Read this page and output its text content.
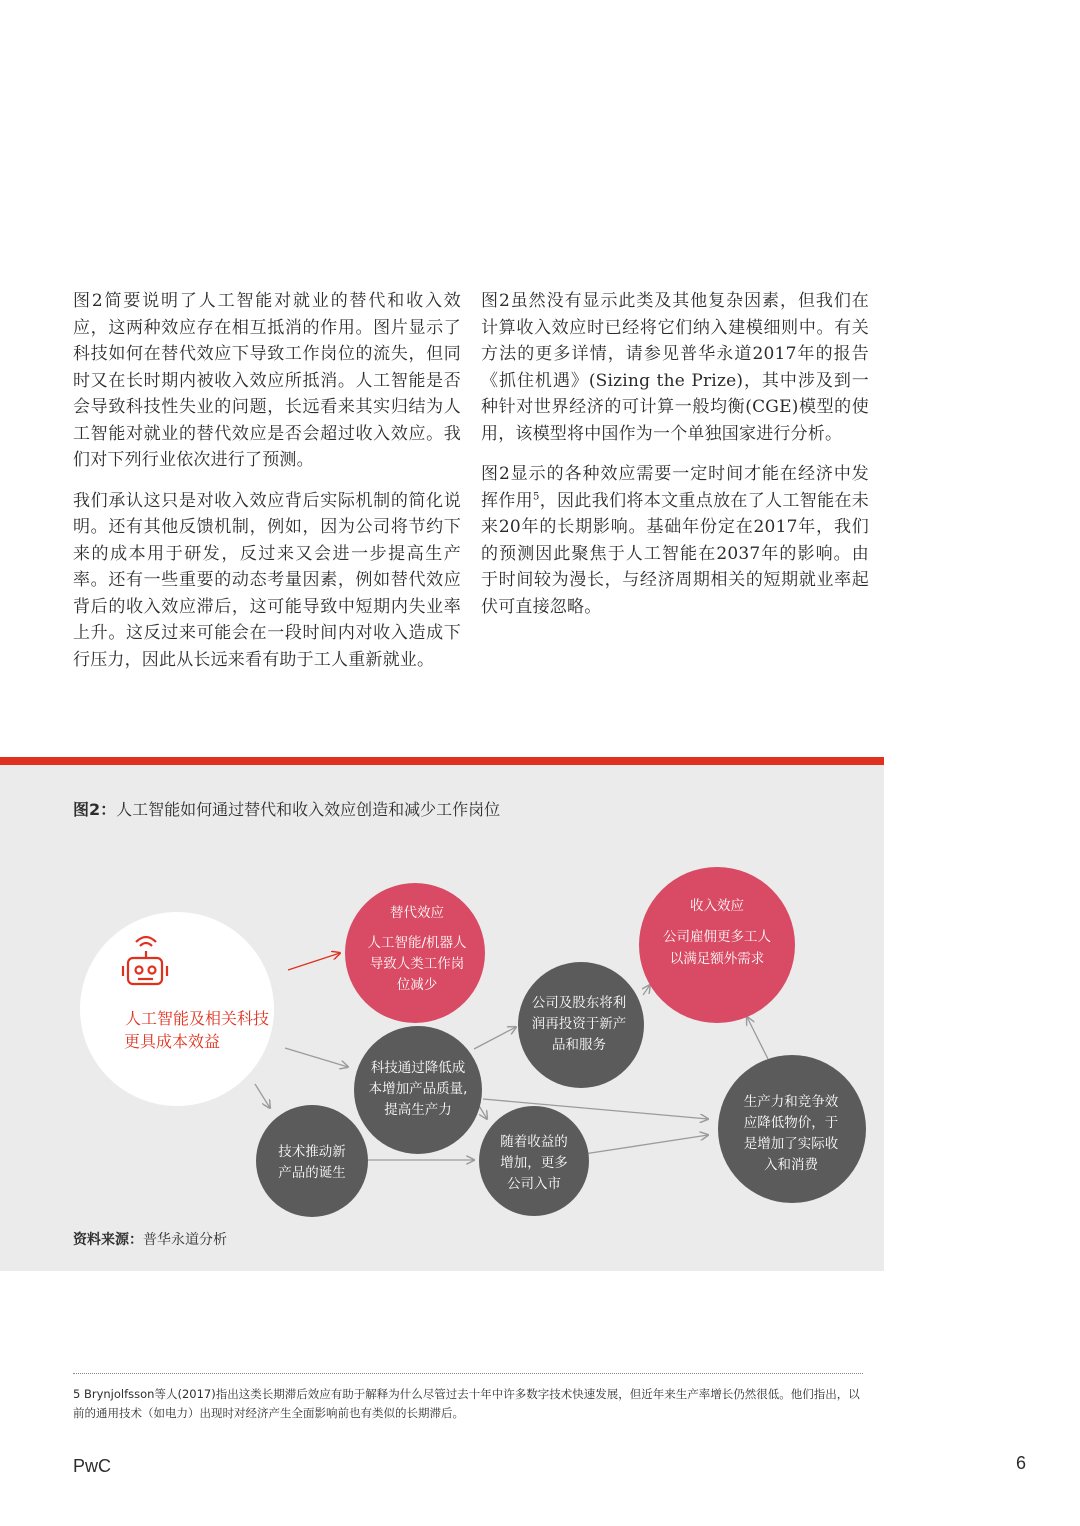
图2简要说明了人工智能对就业的替代和收入效应，这两种效应存在相互抵消的作用。图片显示了科技如何在替代效应下导致工作岗位的流失，但同时又在长时期内被收入效应所抵消。人工智能是否会导致科技性失业的问题，长远看来其实归结为人工智能对就业的替代效应是否会超过收入效应。我们对下列行业依次进行了预测。

我们承认这只是对收入效应背后实际机制的简化说明。还有其他反馈机制，例如，因为公司将节约下来的成本用于研发，反过来又会进一步提高生产率。还有一些重要的动态考量因素，例如替代效应背后的收入效应滞后，这可能导致中短期内失业率上升。这反过来可能会在一段时间内对收入造成下行压力，因此从长远来看有助于工人重新就业。

图2虽然没有显示此类及其他复杂因素，但我们在计算收入效应时已经将它们纳入建模细则中。有关方法的更多详情，请参见普华永道2017年的报告《抓住机遇》(Sizing the Prize)，其中涉及到一种针对世界经济的可计算一般均衡(CGE)模型的使用，该模型将中国作为一个单独国家进行分析。

图2显示的各种效应需要一定时间才能在经济中发挥作用$^5$，因此我们将本文重点放在了人工智能在未来20年的长期影响。基础年份定在2017年，我们的预测因此聚焦于人工智能在2037年的影响。由于时间较为漫长，与经济周期相关的短期就业率起伏可直接忽略。

图2：人工智能如何通过替代和收入效应创造和减少工作岗位
人工智能及相关科技
更具成本效益
替代效应
人工智能/机器人
导致人类工作岗
位减少
收入效应
公司雇佣更多工人
以满足额外需求
公司及股东将利
润再投资于新产
品和服务
科技通过降低成
本增加产品质量,
提高生产力	生产力和竞争效
应降低物价，于
是增加了实际收
入和消费
技术推动新
产品的诞生
随着收益的
增加，更多
公司入市
资料来源：普华永道分析
5 Brynjolfsson等人(2017)指出这类长期滞后效应有助于解释为什么尽管过去十年中许多数字技术快速发展，但近年来生产率增长仍然很低。他们指出，以前的通用技术（如电力）出现时对经济产生全面影响前也有类似的长期滞后。
PwC	6
